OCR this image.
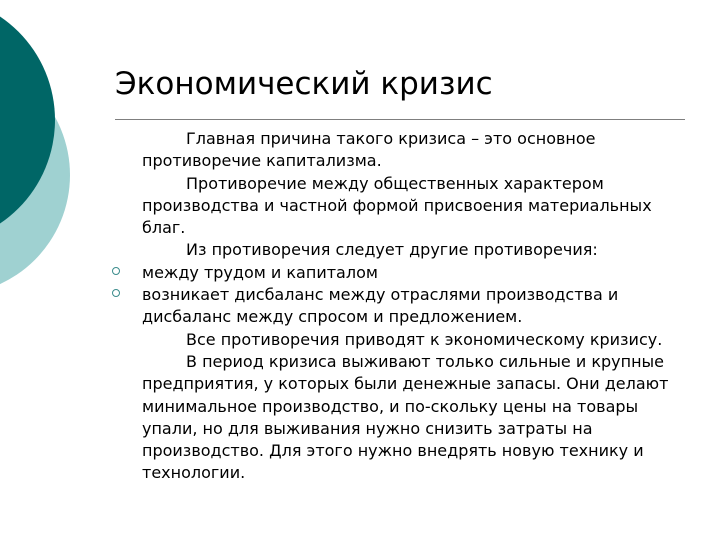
Экономический кризис
Главная причина такого кризиса – это основное противоречие капитализма.
Противоречие между общественных характером производства и частной формой присвоения материальных благ.
Из противоречия следует другие противоречия:
между трудом и капиталом
возникает дисбаланс между отраслями производства и дисбаланс между спросом и предложением.
Все противоречия приводят к экономическому кризису.
В период кризиса выживают только сильные и крупные предприятия, у которых были денежные запасы. Они делают минимальное производство, и по-скольку цены на товары упали, но для выживания нужно снизить затраты на производство. Для этого нужно внедрять новую технику и технологии.
